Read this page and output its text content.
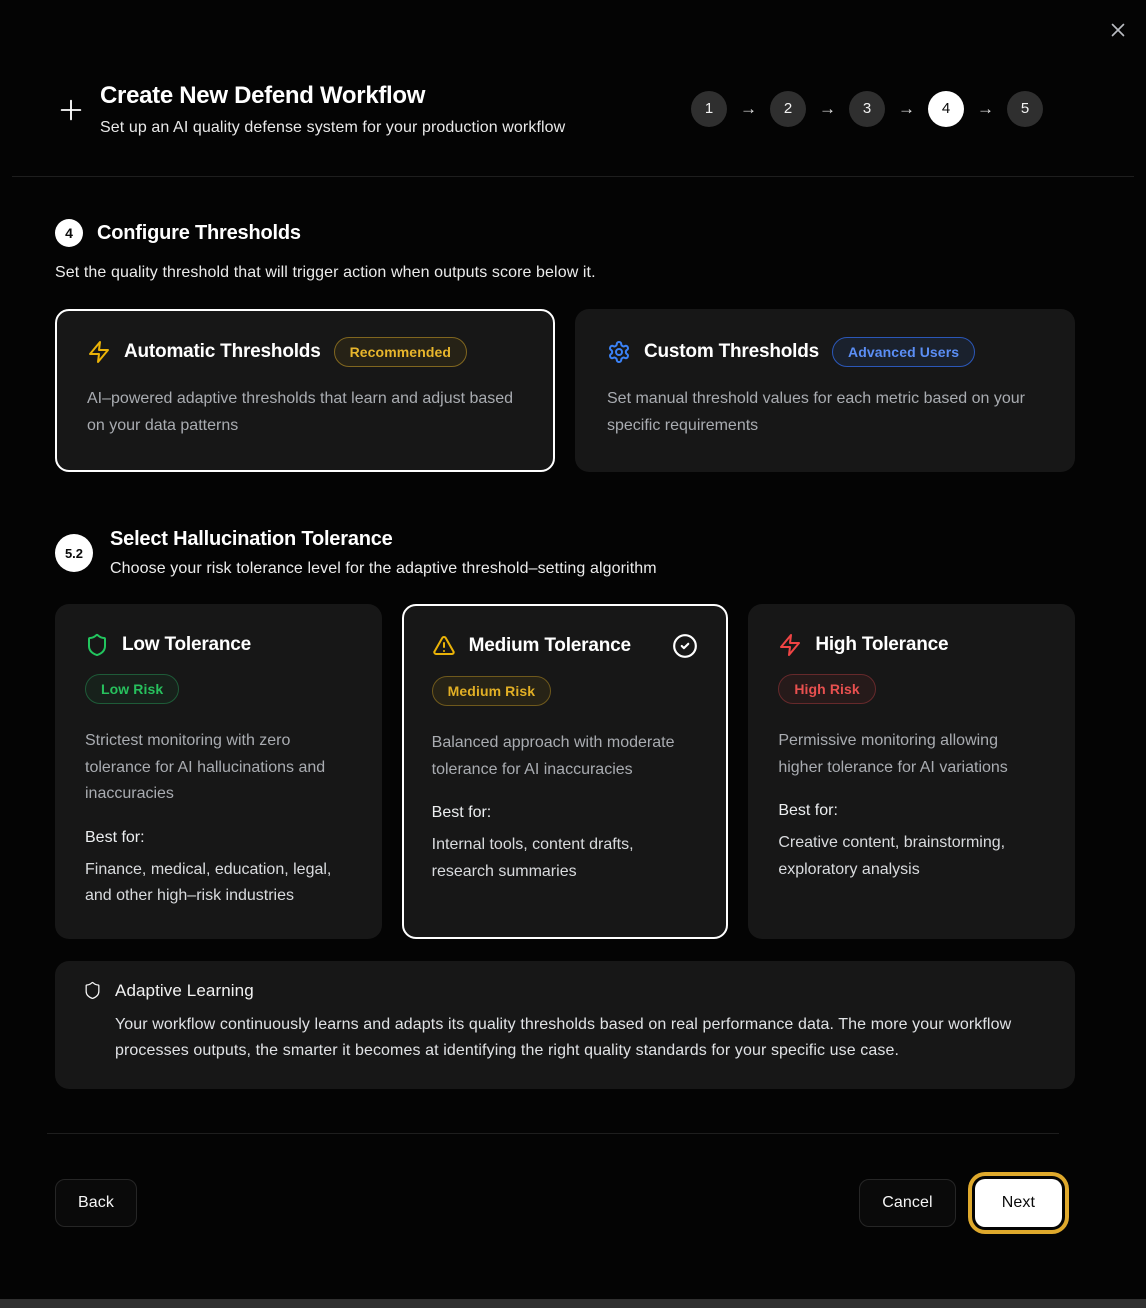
Create New Defend Workflow

Set up an AI quality defense system for your production workflow

1	→	2	→	3	→	4	→	5
4	Configure Thresholds

Set the quality threshold that will trigger action when outputs score below it.

Automatic Thresholds	Recommended

AI–powered adaptive thresholds that learn and adjust based on your data patterns

Custom Thresholds	Advanced Users

Set manual threshold values for each metric based on your specific requirements

5.2
Select Hallucination Tolerance

Choose your risk tolerance level for the adaptive threshold–setting algorithm

Low Tolerance
Low Risk

Strictest monitoring with zero tolerance for AI hallucinations and inaccuracies

Best for:

Finance, medical, education, legal, and other high–risk industries

Medium Tolerance
Medium Risk

Balanced approach with moderate tolerance for AI inaccuracies

Best for:

Internal tools, content drafts, research summaries

High Tolerance
High Risk

Permissive monitoring allowing higher tolerance for AI variations

Best for:

Creative content, brainstorming, exploratory analysis

Adaptive Learning

Your workflow continuously learns and adapts its quality thresholds based on real performance data. The more your workflow processes outputs, the smarter it becomes at identifying the right quality standards for your specific use case.

Back	Cancel	Next
